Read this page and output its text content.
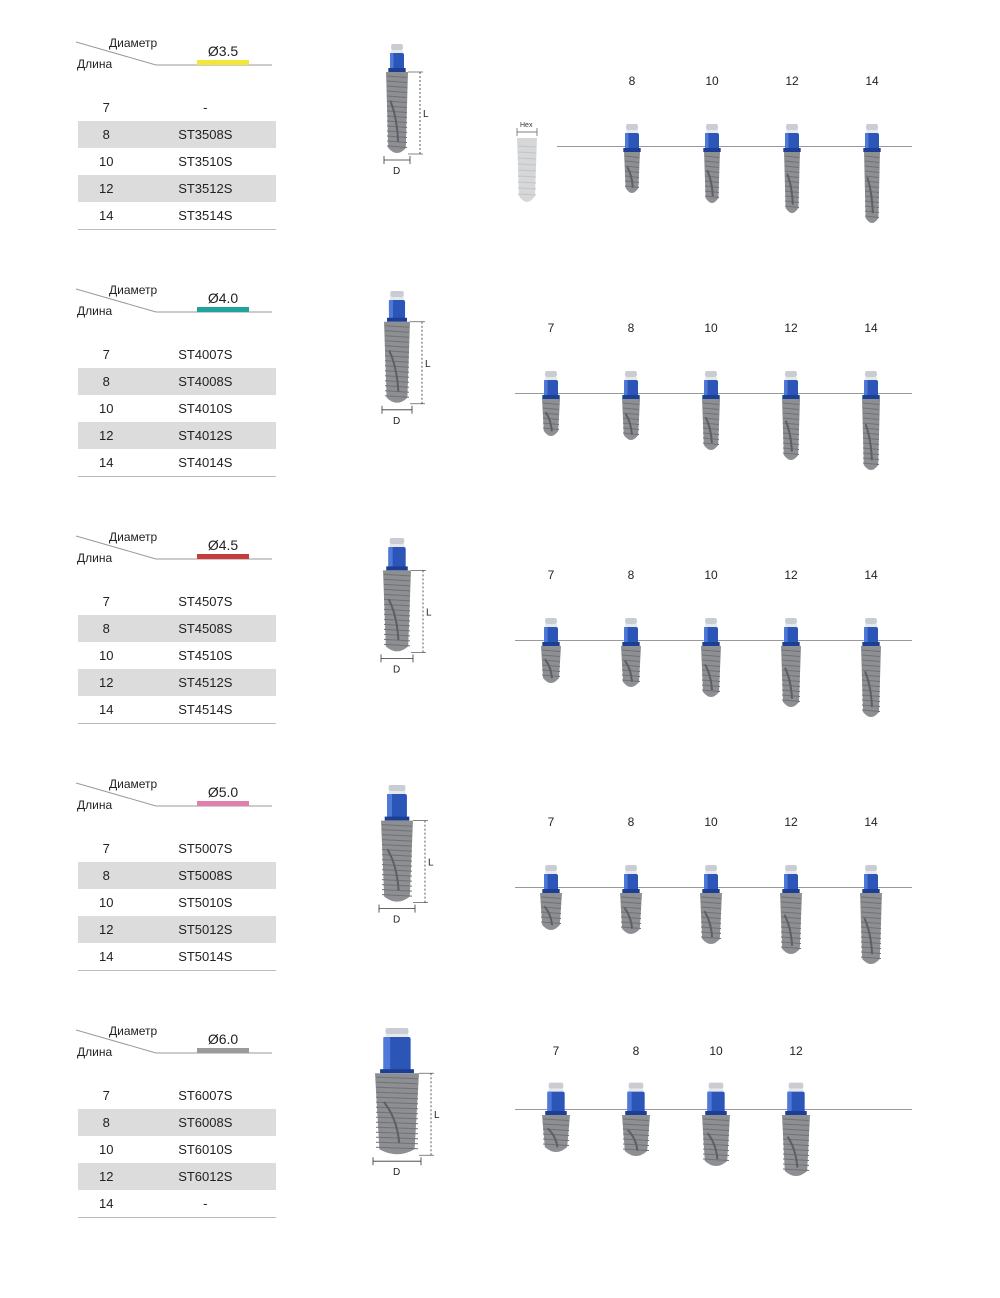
Диаметр
Длина
Ø3.5
7	-
8	ST3508S
10	ST3510S
12	ST3512S
14	ST3514S
L
D
8	10	12	14
Hex
Диаметр
Длина
Ø4.0
7	ST4007S
8	ST4008S
10	ST4010S
12	ST4012S
14	ST4014S
L
D
7	8	10	12	14
Диаметр
Длина
Ø4.5
7	ST4507S
8	ST4508S
10	ST4510S
12	ST4512S
14	ST4514S
L
D
7	8	10	12	14
Диаметр
Длина
Ø5.0
7	ST5007S
8	ST5008S
10	ST5010S
12	ST5012S
14	ST5014S
L
D
7	8	10	12	14
Диаметр
Длина
Ø6.0
7	ST6007S
8	ST6008S
10	ST6010S
12	ST6012S
14	-
L
D
7	8	10	12
